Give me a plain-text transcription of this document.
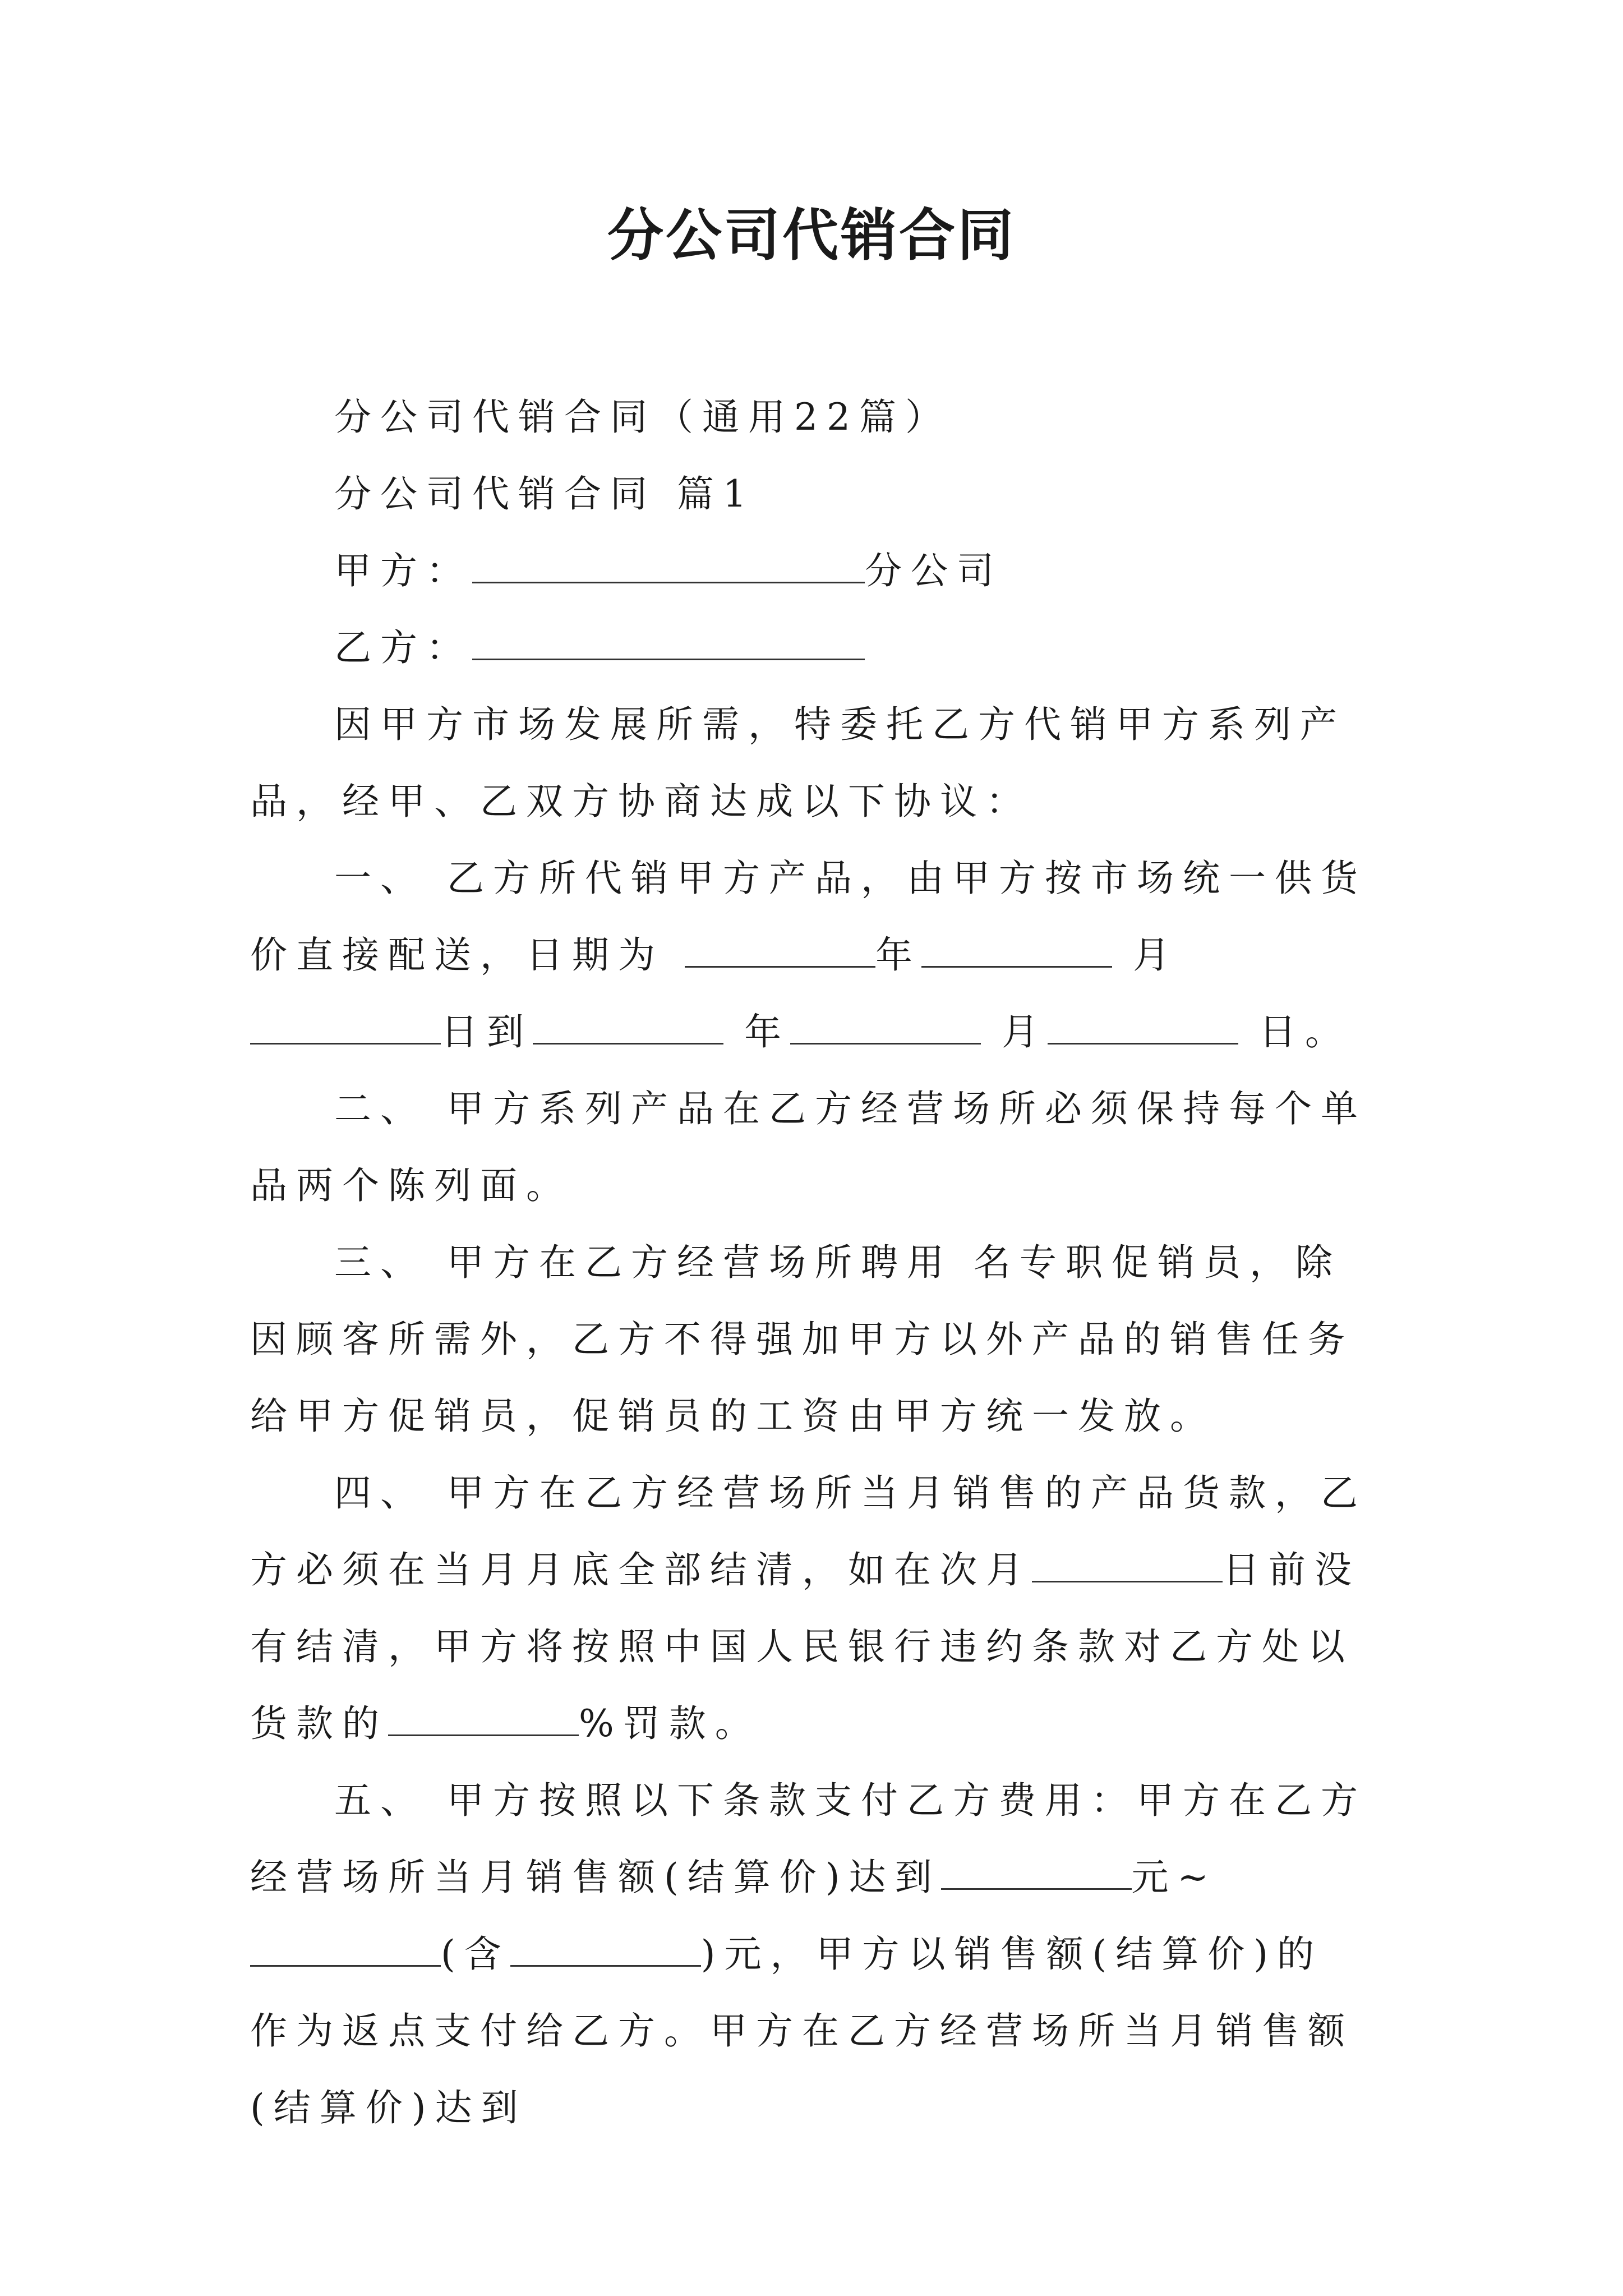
分公司代销合同

分公司代销合同（通用22篇）

分公司代销合同 篇1

甲方：	分公司

乙方：

因甲方市场发展所需，特委托乙方代销甲方系列产品，经甲、乙双方协商达成以下协议：

一、 乙方所代销甲方产品，由甲方按市场统一供货价直接配送，日期为	年	月 日到	年	月	日。

二、 甲方系列产品在乙方经营场所必须保持每个单品两个陈列面。

三、 甲方在乙方经营场所聘用 名专职促销员，除因顾客所需外，乙方不得强加甲方以外产品的销售任务给甲方促销员，促销员的工资由甲方统一发放。

四、 甲方在乙方经营场所当月销售的产品货款，乙方必须在当月月底全部结清，如在次月	日前没有结清，甲方将按照中国人民银行违约条款对乙方处以货款的	%罚款。

五、 甲方按照以下条款支付乙方费用：甲方在乙方经营场所当月销售额(结算价)达到	元~(含	)元，甲方以销售额(结算价)的 作为返点支付给乙方。甲方在乙方经营场所当月销售额(结算价)达到
